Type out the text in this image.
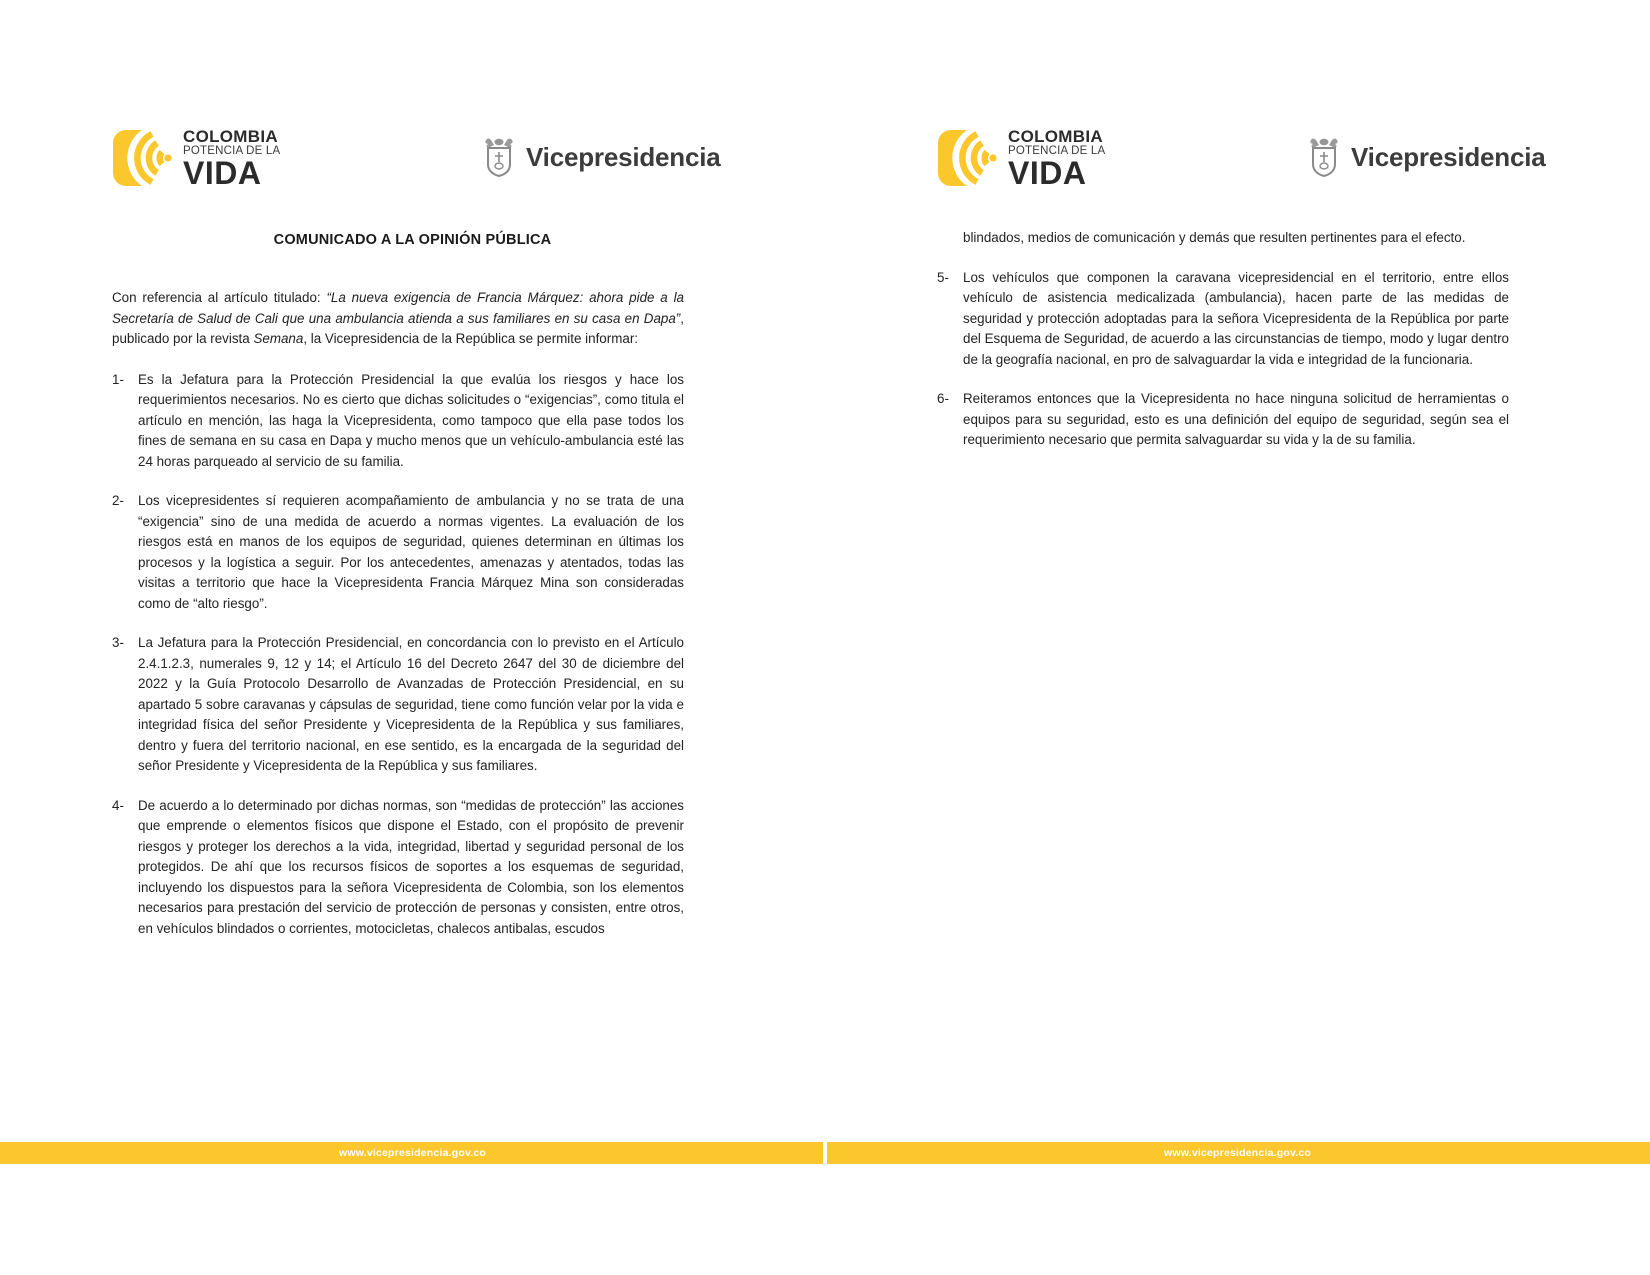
COLOMBIA
POTENCIA DE LA
VIDA	Vicepresidencia
COMUNICADO A LA OPINIÓN PÚBLICA

Con referencia al artículo titulado: “La nueva exigencia de Francia Márquez: ahora pide a la Secretaría de Salud de Cali que una ambulancia atienda a sus familiares en su casa en Dapa”, publicado por la revista Semana, la Vicepresidencia de la República se permite informar:

1-	Es la Jefatura para la Protección Presidencial la que evalúa los riesgos y hace los requerimientos necesarios. No es cierto que dichas solicitudes o “exigencias”, como titula el artículo en mención, las haga la Vicepresidenta, como tampoco que ella pase todos los fines de semana en su casa en Dapa y mucho menos que un vehículo-ambulancia esté las 24 horas parqueado al servicio de su familia.
2-	Los vicepresidentes sí requieren acompañamiento de ambulancia y no se trata de una “exigencia” sino de una medida de acuerdo a normas vigentes. La evaluación de los riesgos está en manos de los equipos de seguridad, quienes determinan en últimas los procesos y la logística a seguir. Por los antecedentes, amenazas y atentados, todas las visitas a territorio que hace la Vicepresidenta Francia Márquez Mina son consideradas como de “alto riesgo”.
3-	La Jefatura para la Protección Presidencial, en concordancia con lo previsto en el Artículo 2.4.1.2.3, numerales 9, 12 y 14; el Artículo 16 del Decreto 2647 del 30 de diciembre del 2022 y la Guía Protocolo Desarrollo de Avanzadas de Protección Presidencial, en su apartado 5 sobre caravanas y cápsulas de seguridad, tiene como función velar por la vida e integridad física del señor Presidente y Vicepresidenta de la República y sus familiares, dentro y fuera del territorio nacional, en ese sentido, es la encargada de la seguridad del señor Presidente y Vicepresidenta de la República y sus familiares.
4-	De acuerdo a lo determinado por dichas normas, son “medidas de protección” las acciones que emprende o elementos físicos que dispone el Estado, con el propósito de prevenir riesgos y proteger los derechos a la vida, integridad, libertad y seguridad personal de los protegidos. De ahí que los recursos físicos de soportes a los esquemas de seguridad, incluyendo los dispuestos para la señora Vicepresidenta de Colombia, son los elementos necesarios para prestación del servicio de protección de personas y consisten, entre otros, en vehículos blindados o corrientes, motocicletas, chalecos antibalas, escudos
www.vicepresidencia.gov.co
COLOMBIA
POTENCIA DE LA
VIDA	Vicepresidencia

blindados, medios de comunicación y demás que resulten pertinentes para el efecto.

5-	Los vehículos que componen la caravana vicepresidencial en el territorio, entre ellos vehículo de asistencia medicalizada (ambulancia), hacen parte de las medidas de seguridad y protección adoptadas para la señora Vicepresidenta de la República por parte del Esquema de Seguridad, de acuerdo a las circunstancias de tiempo, modo y lugar dentro de la geografía nacional, en pro de salvaguardar la vida e integridad de la funcionaria.
6-	Reiteramos entonces que la Vicepresidenta no hace ninguna solicitud de herramientas o equipos para su seguridad, esto es una definición del equipo de seguridad, según sea el requerimiento necesario que permita salvaguardar su vida y la de su familia.
www.vicepresidencia.gov.co
